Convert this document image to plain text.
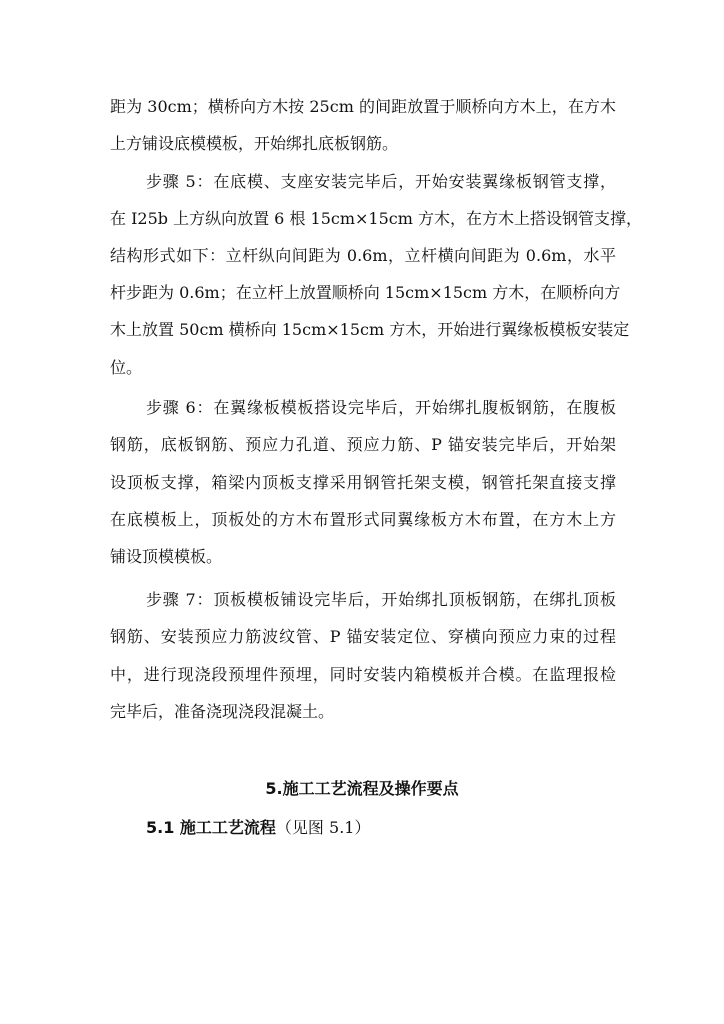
距为 30cm；横桥向方木按 25cm 的间距放置于顺桥向方木上，在方木
上方铺设底模模板，开始绑扎底板钢筋。
步骤 5：在底模、支座安装完毕后，开始安装翼缘板钢管支撑，
在 I25b 上方纵向放置 6 根 15cm×15cm 方木，在方木上搭设钢管支撑，
结构形式如下：立杆纵向间距为 0.6m，立杆横向间距为 0.6m，水平
杆步距为 0.6m；在立杆上放置顺桥向 15cm×15cm 方木，在顺桥向方
木上放置 50cm 横桥向 15cm×15cm 方木，开始进行翼缘板模板安装定
位。
步骤 6：在翼缘板模板搭设完毕后，开始绑扎腹板钢筋，在腹板
钢筋，底板钢筋、预应力孔道、预应力筋、P 锚安装完毕后，开始架
设顶板支撑，箱梁内顶板支撑采用钢管托架支模，钢管托架直接支撑
在底模板上，顶板处的方木布置形式同翼缘板方木布置，在方木上方
铺设顶模模板。
步骤 7：顶板模板铺设完毕后，开始绑扎顶板钢筋，在绑扎顶板
钢筋、安装预应力筋波纹管、P 锚安装定位、穿横向预应力束的过程
中，进行现浇段预埋件预埋，同时安装内箱模板并合模。在监理报检
完毕后，准备浇现浇段混凝土。
5.施工工艺流程及操作要点
5.1 施工工艺流程（见图 5.1）
